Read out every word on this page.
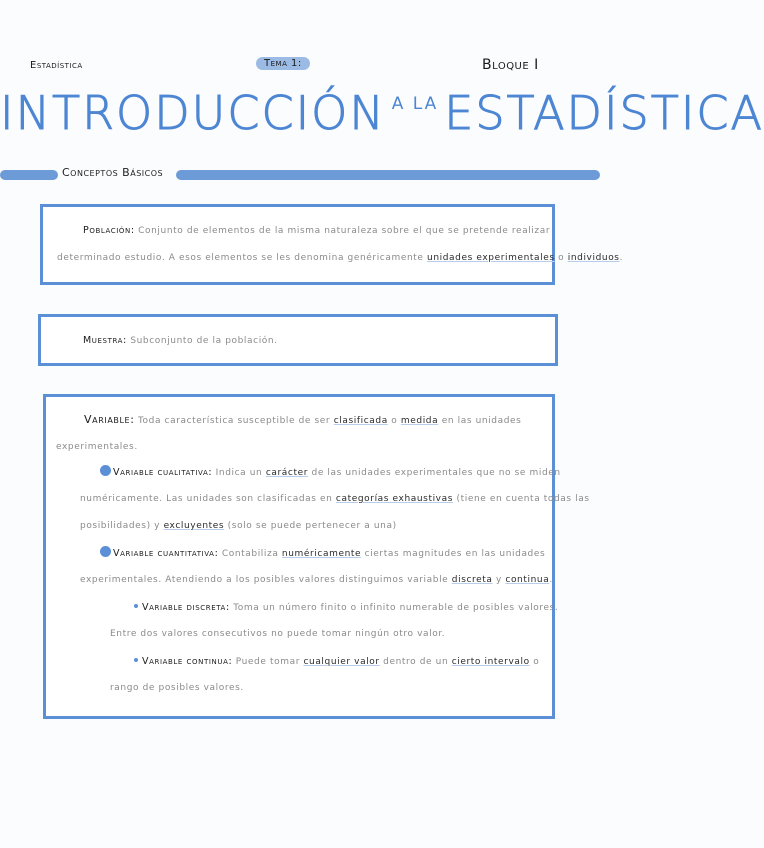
Estadística	Tema 1:	Bloque I
INTRODUCCIÓN A LA ESTADÍSTICA
Conceptos Básicos
Población: Conjunto de elementos de la misma naturaleza sobre el que se pretende realizar
determinado estudio. A esos elementos se les denomina genéricamente unidades experimentales o individuos.
Muestra: Subconjunto de la población.
Variable: Toda característica susceptible de ser clasificada o medida en las unidades
experimentales.
Variable cualitativa: Indica un carácter de las unidades experimentales que no se miden
numéricamente. Las unidades son clasificadas en categorías exhaustivas (tiene en cuenta todas las
posibilidades) y excluyentes (solo se puede pertenecer a una)
Variable cuantitativa: Contabiliza numéricamente ciertas magnitudes en las unidades
experimentales. Atendiendo a los posibles valores distinguimos variable discreta y continua.
Variable discreta: Toma un número finito o infinito numerable de posibles valores.
Entre dos valores consecutivos no puede tomar ningún otro valor.
Variable continua: Puede tomar cualquier valor dentro de un cierto intervalo o
rango de posibles valores.
